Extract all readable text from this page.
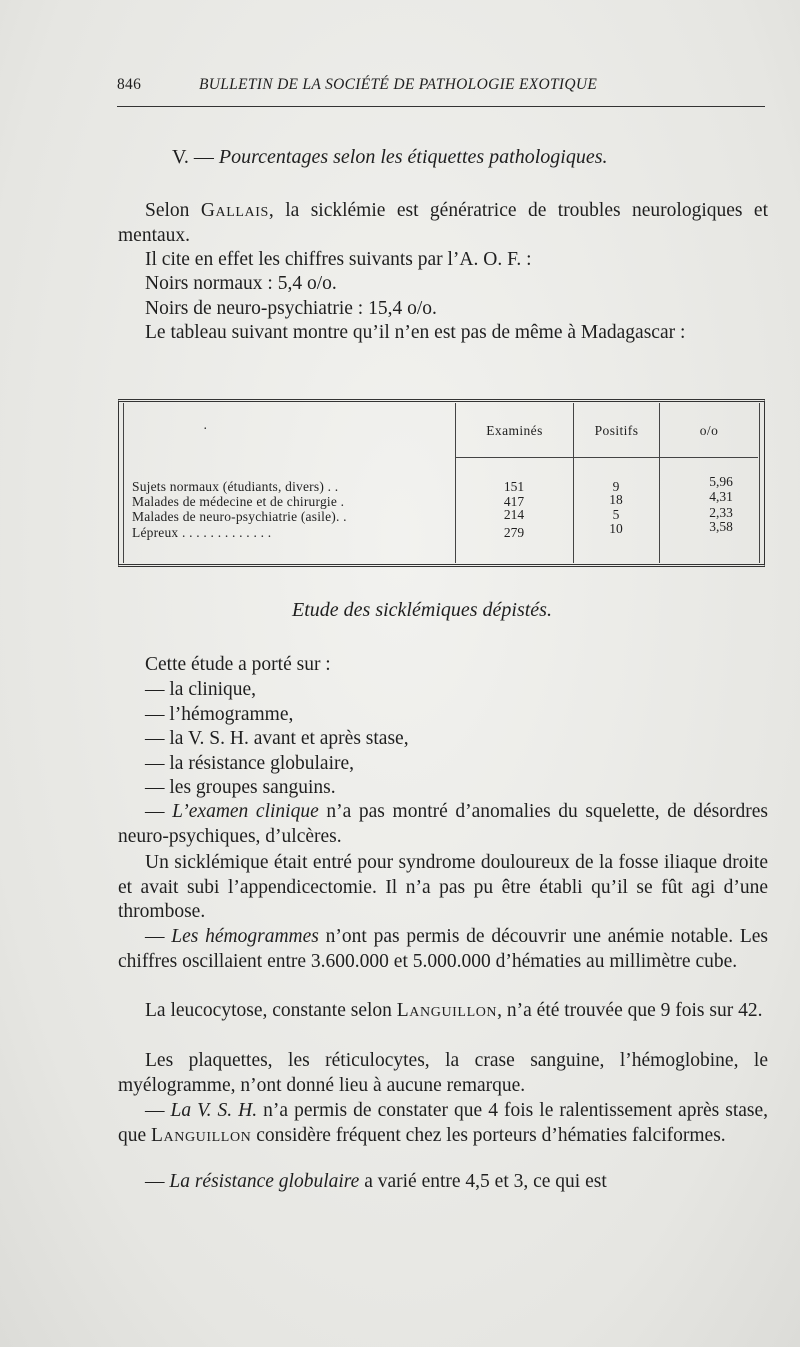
846	BULLETIN DE LA SOCIÉTÉ DE PATHOLOGIE EXOTIQUE
V. — Pourcentages selon les étiquettes pathologiques.
Selon Gallais, la sicklémie est génératrice de troubles neurologiques et mentaux.
Il cite en effet les chiffres suivants par l’A. O. F. :
Noirs normaux : 5,4 o/o.
Noirs de neuro-psychiatrie : 15,4 o/o.
Le tableau suivant montre qu’il n’en est pas de même à Madagascar :
·	Examinés	Positifs	o/o
Sujets normaux (étudiants, divers) . .	151	9	5,96
Malades de médecine et de chirurgie .	417	18	4,31
Malades de neuro-psychiatrie (asile). .	214	5	2,33
Lépreux . . . . . . . . . . . . .	279	10	3,58
Etude des sicklémiques dépistés.
Cette étude a porté sur :
— la clinique,
— l’hémogramme,
— la V. S. H. avant et après stase,
— la résistance globulaire,
— les groupes sanguins.
— L’examen clinique n’a pas montré d’anomalies du squelette, de désordres neuro-psychiques, d’ulcères.
Un sicklémique était entré pour syndrome douloureux de la fosse iliaque droite et avait subi l’appendicectomie. Il n’a pas pu être établi qu’il se fût agi d’une thrombose.
— Les hémogrammes n’ont pas permis de découvrir une anémie notable. Les chiffres oscillaient entre 3.600.000 et 5.000.000 d’hématies au millimètre cube.
La leucocytose, constante selon Languillon, n’a été trouvée que 9 fois sur 42.
Les plaquettes, les réticulocytes, la crase sanguine, l’hémoglobine, le myélogramme, n’ont donné lieu à aucune remarque.
— La V. S. H. n’a permis de constater que 4 fois le ralentissement après stase, que Languillon considère fréquent chez les porteurs d’hématies falciformes.
— La résistance globulaire a varié entre 4,5 et 3, ce qui est
